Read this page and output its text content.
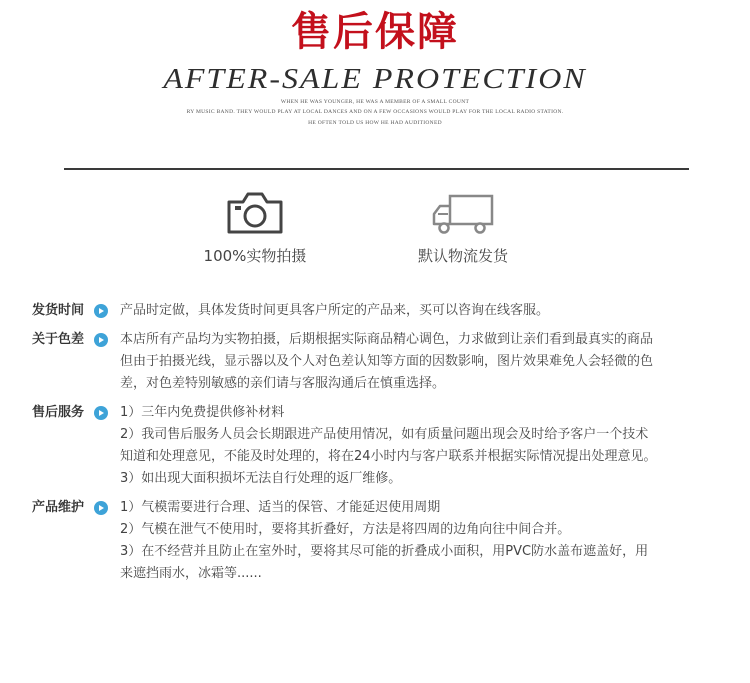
售后保障
AFTER-SALE PROTECTION
WHEN HE WAS YOUNGER, HE WAS A MEMBER OF A SMALL COUNT
RY MUSIC BAND. THEY WOULD PLAY AT LOCAL DANCES AND ON A FEW OCCASIONS WOULD PLAY FOR THE LOCAL RADIO STATION.
HE OFTEN TOLD US HOW HE HAD AUDITIONED
100%实物拍摄	默认物流发货
发货时间	产品时定做，具体发货时间更具客户所定的产品来，买可以咨询在线客服。

关于色差	本店所有产品均为实物拍摄，后期根据实际商品精心调色，力求做到让亲们看到最真实的商品

但由于拍摄光线，显示器以及个人对色差认知等方面的因数影响，图片效果难免人会轻微的色

差，对色差特别敏感的亲们请与客服沟通后在慎重选择。

售后服务	1）三年内免费提供修补材料

2）我司售后服务人员会长期跟进产品使用情况，如有质量问题出现会及时给予客户一个技术

知道和处理意见，不能及时处理的，将在24小时内与客户联系并根据实际情况提出处理意见。

3）如出现大面积损坏无法自行处理的返厂维修。

产品维护	1）气模需要进行合理、适当的保管、才能延迟使用周期

2）气模在泄气不使用时，要将其折叠好，方法是将四周的边角向往中间合并。

3）在不经营并且防止在室外时，要将其尽可能的折叠成小面积，用PVC防水盖布遮盖好，用

来遮挡雨水，冰霜等......
